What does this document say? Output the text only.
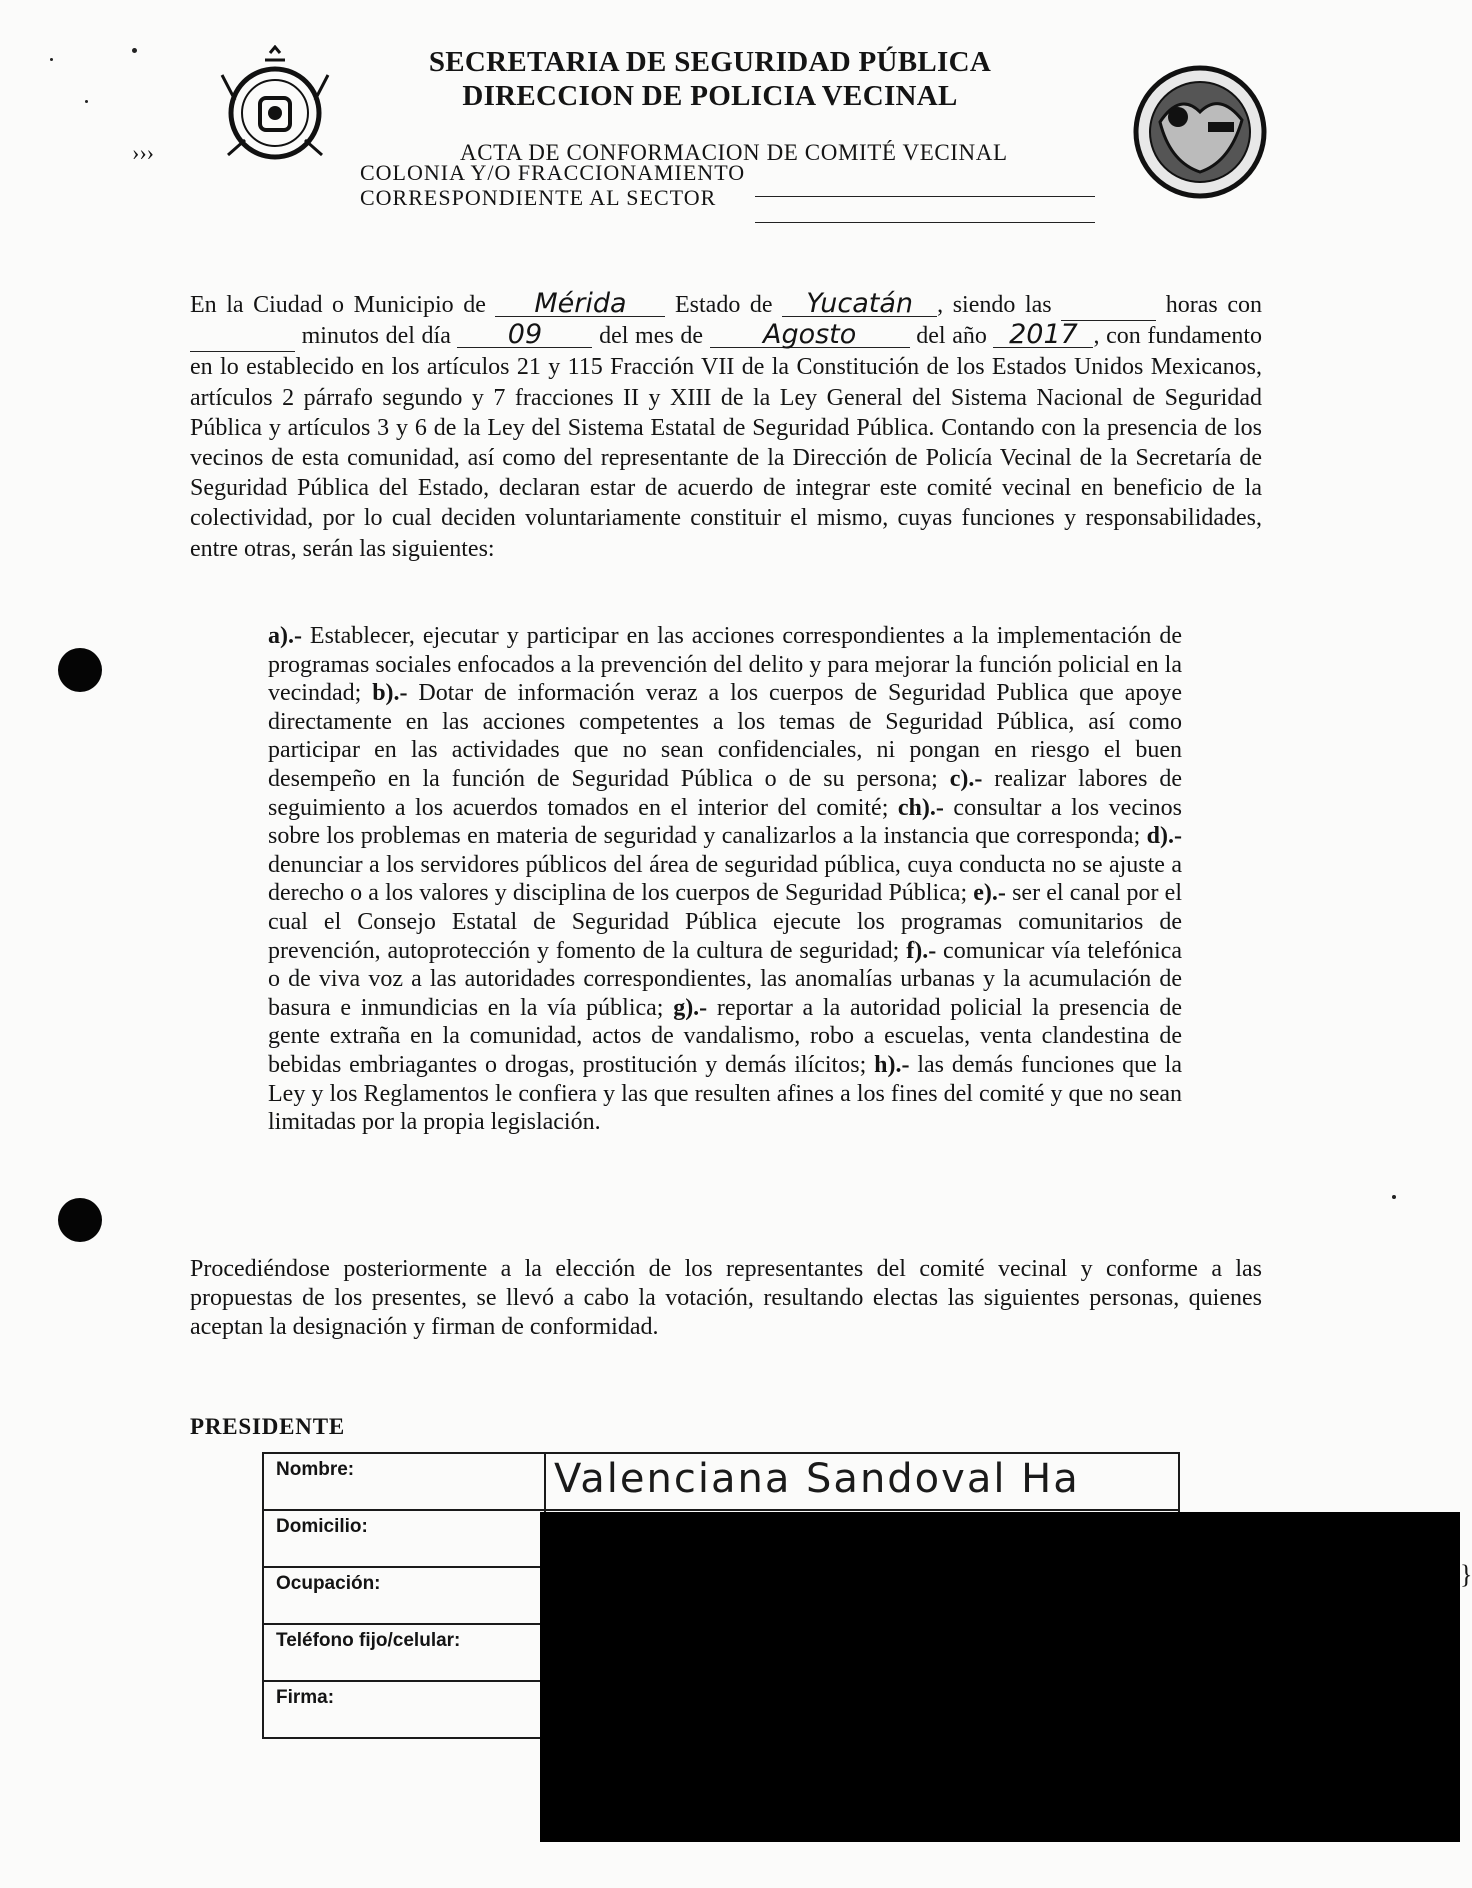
›››
}
SECRETARIA DE SEGURIDAD PÚBLICA
DIRECCION DE POLICIA VECINAL
ACTA DE CONFORMACION DE COMITÉ VECINAL
COLONIA Y/O FRACCIONAMIENTO
CORRESPONDIENTE AL SECTOR
En la Ciudad o Municipio de Mérida Estado de Yucatán , siendo las	horas con   minutos del día 09 del mes de Agosto del año 2017 , con fundamento en lo establecido en los artículos 21 y 115 Fracción VII de la Constitución de los Estados Unidos Mexicanos, artículos 2 párrafo segundo y 7 fracciones II y XIII de la Ley General del Sistema Nacional de Seguridad Pública y artículos 3 y 6 de la Ley del Sistema Estatal de Seguridad Pública. Contando con la presencia de los vecinos de esta comunidad, así como del representante de la Dirección de Policía Vecinal de la Secretaría de Seguridad Pública del Estado, declaran estar de acuerdo de integrar este comité vecinal en beneficio de la colectividad, por lo cual deciden voluntariamente constituir el mismo, cuyas funciones y responsabilidades, entre otras, serán las siguientes:
a).- Establecer, ejecutar y participar en las acciones correspondientes a la implementación de programas sociales enfocados a la prevención del delito y para mejorar la función policial en la vecindad; b).- Dotar de información veraz a los cuerpos de Seguridad Publica que apoye directamente en las acciones competentes a los temas de Seguridad Pública, así como participar en las actividades que no sean confidenciales, ni pongan en riesgo el buen desempeño en la función de Seguridad Pública o de su persona; c).- realizar labores de seguimiento a los acuerdos tomados en el interior del comité; ch).- consultar a los vecinos sobre los problemas en materia de seguridad y canalizarlos a la instancia que corresponda; d).- denunciar a los servidores públicos del área de seguridad pública, cuya conducta no se ajuste a derecho o a los valores y disciplina de los cuerpos de Seguridad Pública; e).- ser el canal por el cual el Consejo Estatal de Seguridad Pública ejecute los programas comunitarios de prevención, autoprotección y fomento de la cultura de seguridad; f).- comunicar vía telefónica o de viva voz a las autoridades correspondientes, las anomalías urbanas y la acumulación de basura e inmundicias en la vía pública; g).- reportar a la autoridad policial la presencia de gente extraña en la comunidad, actos de vandalismo, robo a escuelas, venta clandestina de bebidas embriagantes o drogas, prostitución y demás ilícitos; h).- las demás funciones que la Ley y los Reglamentos le confiera y las que resulten afines a los fines del comité y que no sean limitadas por la propia legislación.
Procediéndose posteriormente a la elección de los representantes del comité vecinal y conforme a las propuestas de los presentes, se llevó a cabo la votación, resultando electas las siguientes personas, quienes aceptan la designación y firman de conformidad.
PRESIDENTE
Nombre:	Valenciana Sandoval Ha

Domicilio:	
Ocupación:	
Teléfono fijo/celular:	
Firma:	
